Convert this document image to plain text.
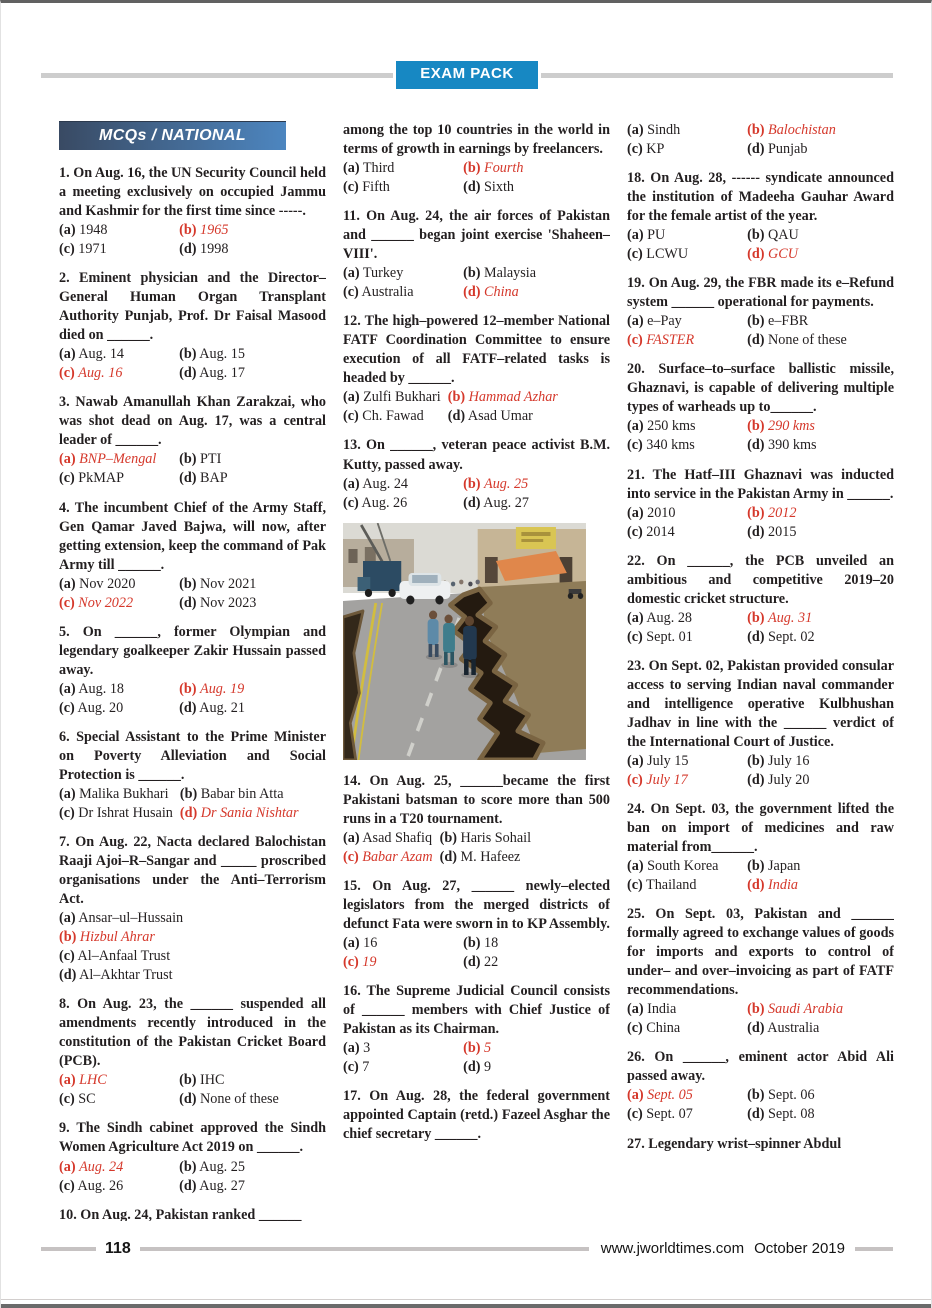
EXAM PACK
MCQs / NATIONAL

1. On Aug. 16, the UN Security Council held a meeting exclusively on occupied Jammu and Kashmir for the first time since -----.

(a) 1948	(b) 1965
(c) 1971	(d) 1998

2. Eminent physician and the Director–General Human Organ Transplant Authority Punjab, Prof. Dr Faisal Masood died on ______.

(a) Aug. 14	(b) Aug. 15
(c) Aug. 16	(d) Aug. 17

3. Nawab Amanullah Khan Zarakzai, who was shot dead on Aug. 17, was a central leader of ______.

(a) BNP–Mengal	(b) PTI
(c) PkMAP	(d) BAP

4. The incumbent Chief of the Army Staff, Gen Qamar Javed Bajwa, will now, after getting extension, keep the command of Pak Army till ______.

(a) Nov 2020	(b) Nov 2021
(c) Nov 2022	(d) Nov 2023

5. On ______, former Olympian and legendary goalkeeper Zakir Hussain passed away.

(a) Aug. 18	(b) Aug. 19
(c) Aug. 20	(d) Aug. 21

6. Special Assistant to the Prime Minister on Poverty Alleviation and Social Protection is ______.

(a) Malika Bukhari (b) Babar bin Atta
(c) Dr Ishrat Husain (d) Dr Sania Nishtar

7. On Aug. 22, Nacta declared Balochistan Raaji Ajoi–R–Sangar and _____ proscribed organisations under the Anti–Terrorism Act.

(a) Ansar–ul–Hussain
(b) Hizbul Ahrar
(c) Al–Anfaal Trust
(d) Al–Akhtar Trust

8. On Aug. 23, the ______ suspended all amendments recently introduced in the constitution of the Pakistan Cricket Board (PCB).

(a) LHC	(b) IHC
(c) SC	(d) None of these

9. The Sindh cabinet approved the Sindh Women Agriculture Act 2019 on ______.

(a) Aug. 24	(b) Aug. 25
(c) Aug. 26	(d) Aug. 27

10. On Aug. 24, Pakistan ranked ______

among the top 10 countries in the world in terms of growth in earnings by freelancers.

(a) Third	(b) Fourth
(c) Fifth	(d) Sixth

11. On Aug. 24, the air forces of Pakistan and ______ began joint exercise 'Shaheen–VIII'.

(a) Turkey	(b) Malaysia
(c) Australia	(d) China

12. The high–powered 12–member National FATF Coordination Committee to ensure execution of all FATF–related tasks is headed by ______.

(a) Zulfi Bukhari (b) Hammad Azhar
(c) Ch. Fawad	(d) Asad Umar

13. On ______, veteran peace activist B.M. Kutty, passed away.

(a) Aug. 24	(b) Aug. 25
(c) Aug. 26	(d) Aug. 27

14. On Aug. 25, ______became the first Pakistani batsman to score more than 500 runs in a T20 tournament.

(a) Asad Shafiq (b) Haris Sohail
(c) Babar Azam (d) M. Hafeez

15. On Aug. 27, ______ newly–elected legislators from the merged districts of defunct Fata were sworn in to KP Assembly.

(a) 16	(b) 18
(c) 19	(d) 22

16. The Supreme Judicial Council consists of ______ members with Chief Justice of Pakistan as its Chairman.

(a) 3	(b) 5
(c) 7	(d) 9

17. On Aug. 28, the federal government appointed Captain (retd.) Fazeel Asghar the chief secretary ______.

(a) Sindh	(b) Balochistan
(c) KP	(d) Punjab

18. On Aug. 28, ------ syndicate announced the institution of Madeeha Gauhar Award for the female artist of the year.

(a) PU	(b) QAU
(c) LCWU	(d) GCU

19. On Aug. 29, the FBR made its e–Refund system ______ operational for payments.

(a) e–Pay	(b) e–FBR
(c) FASTER	(d) None of these

20. Surface–to–surface ballistic missile, Ghaznavi, is capable of delivering multiple types of warheads up to______.

(a) 250 kms	(b) 290 kms
(c) 340 kms	(d) 390 kms

21. The Hatf–III Ghaznavi was inducted into service in the Pakistan Army in ______.

(a) 2010	(b) 2012
(c) 2014	(d) 2015

22. On ______, the PCB unveiled an ambitious and competitive 2019–20 domestic cricket structure.

(a) Aug. 28	(b) Aug. 31
(c) Sept. 01	(d) Sept. 02

23. On Sept. 02, Pakistan provided consular access to serving Indian naval commander and intelligence operative Kulbhushan Jadhav in line with the ______ verdict of the International Court of Justice.

(a) July 15	(b) July 16
(c) July 17	(d) July 20

24. On Sept. 03, the government lifted the ban on import of medicines and raw material from______.

(a) South Korea	(b) Japan
(c) Thailand	(d) India

25. On Sept. 03, Pakistan and ______ formally agreed to exchange values of goods for imports and exports to control of under– and over–invoicing as part of FATF recommendations.

(a) India	(b) Saudi Arabia
(c) China	(d) Australia

26. On ______, eminent actor Abid Ali passed away.

(a) Sept. 05	(b) Sept. 06
(c) Sept. 07	(d) Sept. 08

27. Legendary wrist–spinner Abdul

118	www.jworldtimes.com October 2019
